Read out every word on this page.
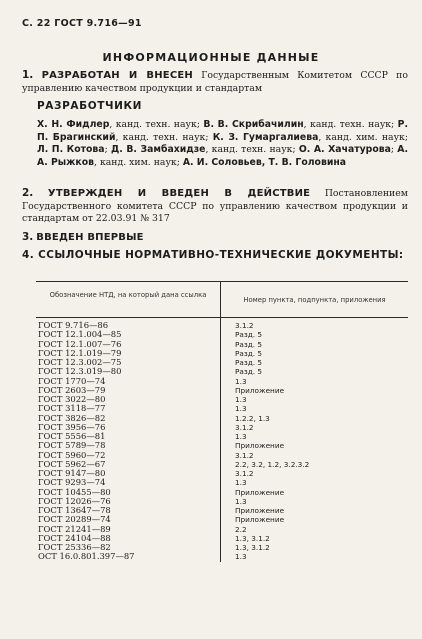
С. 22 ГОСТ 9.716—91
ИНФОРМАЦИОННЫЕ ДАННЫЕ
1. РАЗРАБОТАН И ВНЕСЕН Государственным Комитетом СССР по управлению качеством продукции и стандартам
РАЗРАБОТЧИКИ
Х. Н. Фидлер, канд. техн. наук; В. В. Скрибачилин, канд. техн. наук; Р. П. Брагинский, канд. техн. наук; К. З. Гумаргалиева, канд. хим. наук; Л. П. Котова; Д. В. Замбахидзе, канд. техн. наук; О. А. Хачатурова; А. А. Рыжков, канд. хим. наук; А. И. Соловьев, Т. В. Головина
2. УТВЕРЖДЕН И ВВЕДЕН В ДЕЙСТВИЕ Постановлением Государственного комитета СССР по управлению качеством продукции и стандартам от 22.03.91 № 317
3. ВВЕДЕН ВПЕРВЫЕ
4. ССЫЛОЧНЫЕ НОРМАТИВНО-ТЕХНИЧЕСКИЕ ДОКУМЕНТЫ:
Обозначение НТД, на который дана ссылка
Номер пункта, подпункта, приложения
ГОСТ 9.716—86
ГОСТ 12.1.004—85
ГОСТ 12.1.007—76
ГОСТ 12.1.019—79
ГОСТ 12.3.002—75
ГОСТ 12.3.019—80
ГОСТ 1770—74
ГОСТ 2603—79
ГОСТ 3022—80
ГОСТ 3118—77
ГОСТ 3826—82
ГОСТ 3956—76
ГОСТ 5556—81
ГОСТ 5789—78
ГОСТ 5960—72
ГОСТ 5962—67
ГОСТ 9147—80
ГОСТ 9293—74
ГОСТ 10455—80
ГОСТ 12026—76
ГОСТ 13647—78
ГОСТ 20289—74
ГОСТ 21241—89
ГОСТ 24104—88
ГОСТ 25336—82
ОСТ 16.0.801.397—87
3.1.2
Разд. 5
Разд. 5
Разд. 5
Разд. 5
Разд. 5
1.3
Приложение
1.3
1.3
1.2.2, 1.3
3.1.2
1.3
Приложение
3.1.2
2.2, 3.2, 1.2, 3.2.3.2
3.1.2
1.3
Приложение
1.3
Приложение
Приложение
2.2
1.3, 3.1.2
1.3, 3.1.2
1.3
